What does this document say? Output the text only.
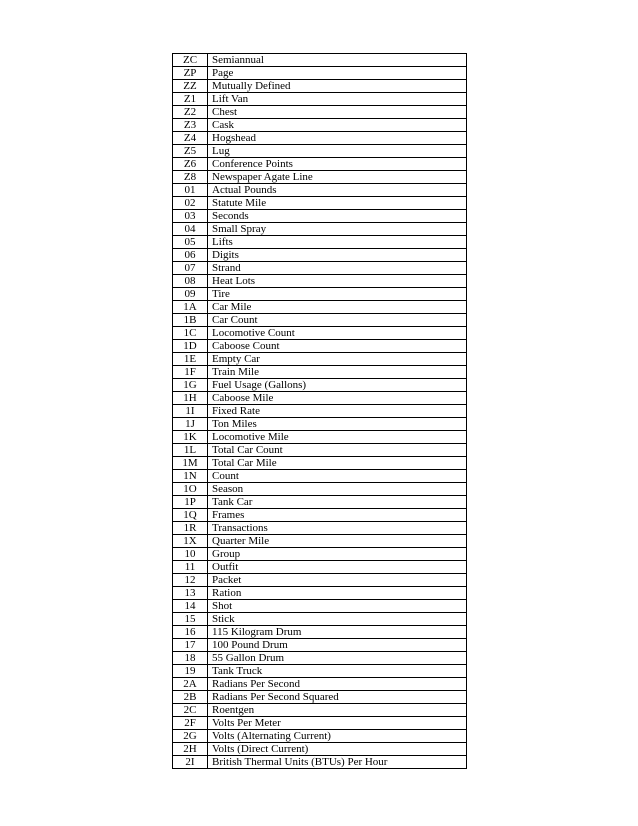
ZC	Semiannual
ZP	Page
ZZ	Mutually Defined
Z1	Lift Van
Z2	Chest
Z3	Cask
Z4	Hogshead
Z5	Lug
Z6	Conference Points
Z8	Newspaper Agate Line
01	Actual Pounds
02	Statute Mile
03	Seconds
04	Small Spray
05	Lifts
06	Digits
07	Strand
08	Heat Lots
09	Tire
1A	Car Mile
1B	Car Count
1C	Locomotive Count
1D	Caboose Count
1E	Empty Car
1F	Train Mile
1G	Fuel Usage (Gallons)
1H	Caboose Mile
1I	Fixed Rate
1J	Ton Miles
1K	Locomotive Mile
1L	Total Car Count
1M	Total Car Mile
1N	Count
1O	Season
1P	Tank Car
1Q	Frames
1R	Transactions
1X	Quarter Mile
10	Group
11	Outfit
12	Packet
13	Ration
14	Shot
15	Stick
16	115 Kilogram Drum
17	100 Pound Drum
18	55 Gallon Drum
19	Tank Truck
2A	Radians Per Second
2B	Radians Per Second Squared
2C	Roentgen
2F	Volts Per Meter
2G	Volts (Alternating Current)
2H	Volts (Direct Current)
2I	British Thermal Units (BTUs) Per Hour
